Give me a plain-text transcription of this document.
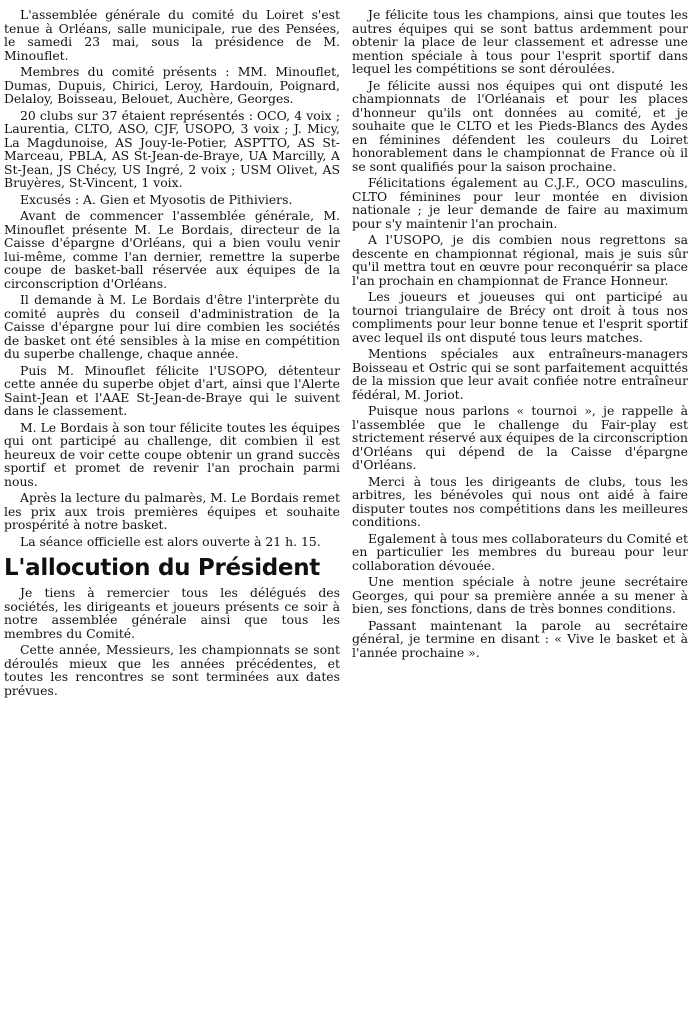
L'assemblée générale du comité du Loiret s'est tenue à Orléans, salle municipale, rue des Pensées, le samedi 23 mai, sous la présidence de M. Minouflet.

Membres du comité présents : MM. Minouflet, Dumas, Dupuis, Chirici, Leroy, Hardouin, Poignard, Delaloy, Boisseau, Belouet, Auchère, Georges.

20 clubs sur 37 étaient représentés : OCO, 4 voix ; Laurentia, CLTO, ASO, CJF, USOPO, 3 voix ; J. Micy, La Magdunoise, AS Jouy-le-Potier, ASPTTO, AS St-Marceau, PBLA, AS St-Jean-de-Braye, UA Marcilly, A St-Jean, JS Chécy, US Ingré, 2 voix ; USM Olivet, AS Bruyères, St-Vincent, 1 voix.

Excusés : A. Gien et Myosotis de Pithiviers.

Avant de commencer l'assemblée générale, M. Minouflet présente M. Le Bordais, directeur de la Caisse d'épargne d'Orléans, qui a bien voulu venir lui-même, comme l'an dernier, remettre la superbe coupe de basket-ball réservée aux équipes de la circonscription d'Orléans.

Il demande à M. Le Bordais d'être l'interprète du comité auprès du conseil d'administration de la Caisse d'épargne pour lui dire combien les sociétés de basket ont été sensibles à la mise en compétition du superbe challenge, chaque année.

Puis M. Minouflet félicite l'USOPO, détenteur cette année du superbe objet d'art, ainsi que l'Alerte Saint-Jean et l'AAE St-Jean-de-Braye qui le suivent dans le classement.

M. Le Bordais à son tour félicite toutes les équipes qui ont participé au challenge, dit combien il est heureux de voir cette coupe obtenir un grand succès sportif et promet de revenir l'an prochain parmi nous.

Après la lecture du palmarès, M. Le Bordais remet les prix aux trois premières équipes et souhaite prospérité à notre basket.

La séance officielle est alors ouverte à 21 h. 15.

L'allocution du Président

Je tiens à remercier tous les délégués des sociétés, les dirigeants et joueurs présents ce soir à notre assemblée générale ainsi que tous les membres du Comité.

Cette année, Messieurs, les championnats se sont déroulés mieux que les années précédentes, et toutes les rencontres se sont terminées aux dates prévues.

Je félicite tous les champions, ainsi que toutes les autres équipes qui se sont battus ardemment pour obtenir la place de leur classement et adresse une mention spéciale à tous pour l'esprit sportif dans lequel les compétitions se sont déroulées.

Je félicite aussi nos équipes qui ont disputé les championnats de l'Orléanais et pour les places d'honneur qu'ils ont données au comité, et je souhaite que le CLTO et les Pieds-Blancs des Aydes en féminines défendent les couleurs du Loiret honorablement dans le championnat de France où il se sont qualifiés pour la saison prochaine.

Félicitations également au C.J.F., OCO masculins, CLTO féminines pour leur montée en division nationale ; je leur demande de faire au maximum pour s'y maintenir l'an prochain.

A l'USOPO, je dis combien nous regrettons sa descente en championnat régional, mais je suis sûr qu'il mettra tout en œuvre pour reconquérir sa place l'an prochain en championnat de France Honneur.

Les joueurs et joueuses qui ont participé au tournoi triangulaire de Brécy ont droit à tous nos compliments pour leur bonne tenue et l'esprit sportif avec lequel ils ont disputé tous leurs matches.

Mentions spéciales aux entraîneurs-managers Boisseau et Ostric qui se sont parfaitement acquittés de la mission que leur avait confiée notre entraîneur fédéral, M. Joriot.

Puisque nous parlons « tournoi », je rappelle à l'assemblée que le challenge du Fair-play est strictement réservé aux équipes de la circonscription d'Orléans qui dépend de la Caisse d'épargne d'Orléans.

Merci à tous les dirigeants de clubs, tous les arbitres, les bénévoles qui nous ont aidé à faire disputer toutes nos compétitions dans les meilleures conditions.

Egalement à tous mes collaborateurs du Comité et en particulier les membres du bureau pour leur collaboration dévouée.

Une mention spéciale à notre jeune secrétaire Georges, qui pour sa première année a su mener à bien, ses fonctions, dans de très bonnes conditions.

Passant maintenant la parole au secrétaire général, je termine en disant : « Vive le basket et à l'année prochaine ».
